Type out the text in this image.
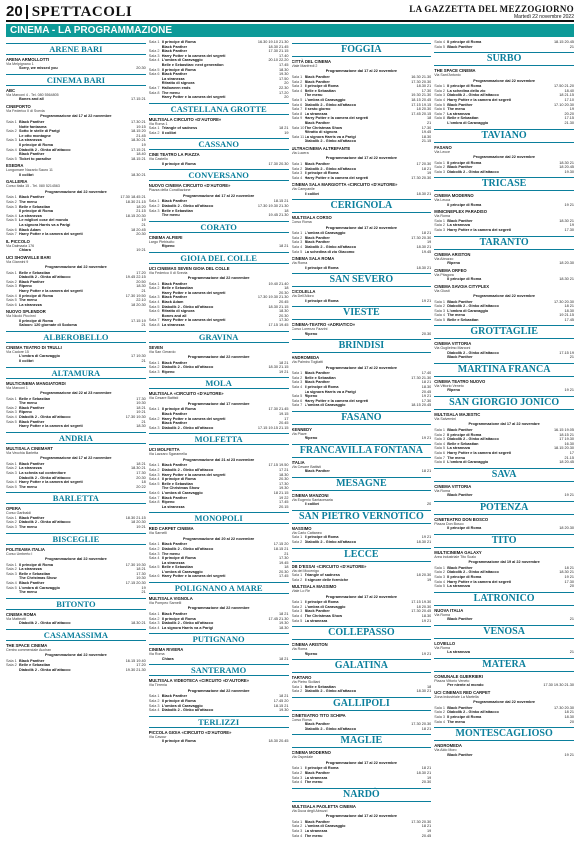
20 SPETTACOLI	LA GAZZETTA DEL MEZZOGIORNO
Martedì 22 novembre 2022
CINEMA - LA PROGRAMMAZIONE
ARENE BARI
ARENA ARMOLLOTTI
Via Melpignano 1
Sorry, we missed you	20.30
CINEMA BARI
ABC
Via Marconi 4 - Tel. 080 5564805
Bones and all	17.15 21
CINEPORTO
Via Federico II di Svevia
Programmazione dal 17 al 22 novembre
Sala 1 Black Panther	17.30 21
Notte fantasma	19.15
Sala 2 Sotto le stelle di Parigi	18.15 20
Le otto montagne	21.45
Sala 3 La stranezza	18.30 21
Il principe di Roma	19
Sala 4 Diabolik 2 - Ginko all'attacco	17.15 21
Black Panther	18.40
Sala 5 Ticket to paradise	18.15 21
ESEDRA
Lungomare Nazario Sauro 11
Il colibrì	18.30 21
GALLERIA
Corso Italia 15 - Tel. 080 5214563
Programmazione dal 22 novembre
Sala 1 Black Panther	17.30 18.45 21
Sala 2 The menu	18.30 21.15
Sala 3 Belle e Sebastian	18 20
Il principe di Roma	21.15
Sala 4 La stranezza	18.15 20.30
Sala 5 Le migliori cose del mondo	19
La signora Harris va a Parigi	21
Sala 6 Black Adam	18 20.45
Sala 7 Harry Potter e la camera dei segreti	20.30
IL PICCOLO
Via Dalmazia 176
Chiara	19 21
UCI SHOWVILLE BARI
Via Giannini 9
Programmazione dal 22 novembre
Sala 1 Belle e Sebastian	17.20
Diabolik 2 - Ginko all'attacco	19.45 22.15
Sala 2 Black Panther	20.50
Sala 3 Ripeno	18.30
Harry Potter e la camera dei segreti	21
Sala 4 Il principe di Roma	17.30 19.50
Sala 5 The menu	22.10
Sala 6 La stranezza	18 20.30
NUOVO SPLENDOR
Via Nicolò Piccinni
Il principe di Roma	17.15 19
Saloon: 120 giornate di Sodoma	21
ALBEROBELLO
CINEMA TEATRO DI TRULLI
Via Cadore 15
L'ombra di Caravaggio	17 19.30
Il colibrì	21
ALTAMURA
MULTICINEMA MANGIATORDI
Via Marconi 1
Programmazione dal 22 al 23 novembre
Sala 1 Belle e Sebastian	17.30
The menu	19.30
Sala 2 Black Panther	18 21
Sala 3 Ripeno	19 21
Sala 4 Diabolik 2 - Ginko all'attacco	17.30 19.30
Sala 5 Black Panther	21
Harry Potter e la camera dei segreti	18.30
ANDRIA
MULTISALA CINEMART
Via Vecchia Barletta
Programmazione dal 17 al 22 novembre
Sala 1 Black Panther	18 21
Sala 2 La stranezza	18.30 21
Sala 3 La scheda sul contenitore	17.30
Diabolik 2 - Ginko all'attacco	20.30
Sala 4 Harry Potter e la camera dei segreti	18
Sala 5 The menu	20 22
BARLETTA
OPERA
Corso Garibaldi
Sala 1 Black Panther	18.30 21.15
Sala 2 Diabolik 2 - Ginko all'attacco	18 20.30
Sala 3 The menu	19 21
BISCEGLIE
POLITEAMA ITALIA
Corso Umberto I
Programmazione dal 22 novembre
Sala 1 Il principe di Roma	17.30 19.30
Sala 2 La stranezza	18 21
Sala 3 Belle e Sebastian	17.30
The Christmas Show	19.30
Sala 4 Black Panther	17.15 20.30
Sala 5 L'ombra di Caravaggio	19
The menu	21
BITONTO
CINEMA ROMA
Via Matteotti
Diabolik 2 - Ginko all'attacco	18.30 21
CASAMASSIMA
THE SPACE CINEMA
Centro commerciale Auchan
Programmazione dal 22 novembre
Sala 1 Black Panther	16.15 19.40
Sala 2 Belle e Sebastian	17.20
Diabolik 2 - Ginko all'attacco	19.30 21.30
Sala 1 Il principe di Roma	16.30 19.10 21.30
Black Panther	18.30 21.45
Sala 2 Black Panther	17.30 21.15
Sala 3 Harry Potter e la camera dei segreti	17.40
Sala 4 L'ombra di Caravaggio	20.10 22.20
Belle e Sebastian: next generation	17.45
Sala 5 Il principe di Roma	18.30
Sala 6 Black Panther	19.30
La stranezza	17.50
Ritratto di signora	20
Sala 7 Halloween ends	22.30
Sala 8 The menu	17.20
Harry Potter e la camera dei segreti	20
CASTELLANA GROTTE
MULTISALA CIRCUITO «D'AUTORE»
Via Roma 1
Sala 1 Triangle of sadness	18 21
Sala 2 Il colibrì	19
CASSANO
CINE TEATRO LA PIAZZA
Via Castello
Il principe di Roma	17.30 20.30
CONVERSANO
NUOVO CINEMA CIRCUITO «D'AUTORE»
Piazza della Conciliazione
Programmazione dal 17 al 22 novembre
Sala 1 Black Panther	18.15 21
Sala 2 Diabolik 2 - Ginko all'attacco	17.30 19.30 21.30
Sala 3 Belle e Sebastian	18
The menu	19.45 21.30
CORATO
CINEMA ALFIERI
Largo Plebiscito
Ripeno	18 21
GIOIA DEL COLLE
UCI CINEMAS SEVEN GIOIA DEL COLLE
Via Federico II di Svevia
Programmazione dal 22 novembre
Sala 1 Black Panther	19.40 21.40
Sala 2 Belle e Sebastian	18
Harry Potter e la camera dei segreti	20.30
Sala 3 Black Panther	17.30 19.30 21.30
Sala 4 Black Adam	20.45
Sala 5 Diabolik 2 - Ginko all'attacco	18.30 21.15
Sala 6 Ritratto di signora	18.30
Bones and all	20.30
Sala 7 Harry Potter e la camera dei segreti	17.30
Sala 8 La stranezza	17.15 19.45
GRAVINA
SEVEN
Via San Gerardo
Programmazione dal 22 novembre
Sala 1 Black Panther	18 21
Sala 2 Diabolik 2 - Ginko all'attacco	18.30 21.15
Sala 3 Ripeno	19 21
MOLA
MULTISALA «CIRCUITO «D'AUTORE»
Via Cesare Battisti
Programmazione dal 17 novembre
Sala 1 Il principe di Roma	17.30 21.45
Black Panther	19.15
Sala 2 Harry Potter e la camera dei segreti	17
Black Panther	20.45
Sala 3 Diabolik 2 - Ginko all'attacco	17.15 19.15 21.15
MOLFETTA
UCI MOLFETTA
Via Lazzaro Sgaramella
Programmazione dal 21 al 23 novembre
Sala 1 Black Panther	17.15 19.50
Sala 2 Diabolik 2 - Ginko all'attacco	17 21
Sala 3 Harry Potter e la camera dei segreti	18.30
Sala 4 Il principe di Roma	20.30
Sala 5 Belle e Sebastian	17.30
The Christmas Show	19.30
Sala 6 L'ombra di Caravaggio	18 21.15
Sala 7 Black Panther	19 22
Sala 8 Ripeno	17.45
La stranezza	20.15
MONOPOLI
RED CARPET CINEMA
Via Sarnelli
Programmazione dal 20 al 22 novembre
Sala 1 Black Panther	17.15 20
Sala 2 Diabolik 2 - Ginko all'attacco	18.15 21
Sala 3 The menu	21
Sala 4 Il principe di Roma	17.30
La stranezza	19.45
Sala 5 Belle e Sebastian	18
L'ombra di Caravaggio	20.30
Sala 6 Harry Potter e la camera dei segreti	17.45
POLIGNANO A MARE
MULTISALA VIGNOLA
Via Pompeo Sarnelli
Programmazione dal 22 novembre
Sala 1 Black Panther	18 21
Sala 2 Il principe di Roma	17.45 21.30
Sala 3 Diabolik 2 - Ginko all'attacco	19.30
Sala 4 La signora Harris va a Parigi	18.30
PUTIGNANO
CINEMA RIVIERA
Via Roma
Chiara	18 21
SANTERAMO
MULTISALA VIDEOTECA «CIRCUITO «D'AUTORE»
Via Tirrenia
Programmazione dal 22 novembre
Sala 1 Black Panther	18 21
Sala 2 Il principe di Roma	17.45 20
Sala 3 L'ombra di Caravaggio	18.15 21
Sala 4 Diabolik 2 - Ginko all'attacco	19.30
TERLIZZI
PICCOLA GIOIA «CIRCUITO «D'AUTORE»
Via Cavour
Il principe di Roma	18.30 20.45
FOGGIA
CITTÀ DEL CINEMA
Viale Manfredi 2
Programmazione dal 17 al 22 novembre
Sala 1 Black Panther	16.30 21.30
Sala 2 Black Panther	17.30 20.30
Sala 3 Il principe di Roma	18.30 21
Sala 4 Belle e Sebastian	17.30
The menu	19.30 21.30
Sala 5 L'ombra di Caravaggio	18.15 20.45
Sala 6 Diabolik 2 - Ginko all'attacco	17.15 19.15
Sala 7 Il sesto giorno	18 20.30
Sala 8 La stranezza	17.45 20.15
Sala 9 Harry Potter e la camera dei segreti	18
Black Panther	21
Sala 10 The Christmas Show	17.30
Ritratto di signora	19.45
Sala 11 La signora Harris va a Parigi	18.30
Diabolik 2 - Ginko all'attacco	21.15
ULTRACINEMA ALTREFANTE
Via Lucera
Programmazione dal 17 al 22 novembre
Sala 1 Black Panther	17 20.30
Sala 2 Diabolik 2 - Ginko all'attacco	18 21
Sala 3 Il principe di Roma	19
Sala 4 Harry Potter e la camera dei segreti	17.30 20.30
CINEMA SALA MARGIOTTA «CIRCUITO «D'AUTORE»
Via Campanile
Il colibrì	18.30 21
CERIGNOLA
MULTISALA CORSO
Corso Roma
Programmazione dal 17 al 22 novembre
Sala 1 L'ombra di Caravaggio	18 21
Sala 2 Black Panther	17.30 20.30
Sala 3 Black Panther	19
Sala 4 Diabolik 2 - Ginko all'attacco	18.30 21
Sala 5 La schedina di zio Giacomo	19.45
CINEMA SALA ROMA
Via Roma
Il principe di Roma	18.30 21
SAN SEVERO
CICOLELLA
Via Dell'Alloro
Il principe di Roma	19 21
VIESTE
CINEMA-TEATRO «ADRIATICO»
Corso Lorenzo Fazzini
Ripeno	20.30
BRINDISI
ANDROMEDA
Via Palmiro Togliatti
Programmazione dal 17 al 22 novembre
Sala 1 Black Panther	17.40
Sala 2 Belle e Sebastian	17.30 21.30
Sala 3 Black Panther	18 21
Sala 4 Il principe di Roma	18.30
La signora Harris va a Parigi	20.45
Sala 5 Ripeno	19 21
Sala 6 Harry Potter e la camera dei segreti	17.30
Sala 7 L'ombra di Caravaggio	18.15 20.45
FASANO
KENNEDY
Via Piave
Ripeno	19 21
FRANCAVILLA FONTANA
ITALIA
Via Cesare Battisti
Black Panther	18 21
MESAGNE
CINEMA MANZONI
Via Eugenio Santacesaria
Il colibrì	20
SAN PIETRO VERNOTICO
MASSIMO
Via Carlo Cattaneo
Sala 1 Il principe di Roma	19 21
Sala 2 Diabolik 2 - Ginko all'attacco	18.30 21
LECCE
DB D'ESSAI «CIRCUITO «D'AUTORE»
Via dei Mocenigo
Sala 1 Triangle of sadness	18 20.30
Sala 2 Il signore delle formiche	19
MULTISALA MASSIMO
Viale Lo Re
Programmazione dal 17 al 22 novembre
Sala 1 Il principe di Roma	17.15 19.30
Sala 2 L'ombra di Caravaggio	18 20.30
Sala 3 Black Panther	17.30 20.45
Sala 4 The Christmas Show	18.30
Sala 5 La stranezza	19 21
COLLEPASSO
CINEMA ARISTON
Via Roma
Ripeno	19 21
GALATINA
TARTARO
Via Pietro Siciliani
Sala 1 Belle e Sebastian	18
Sala 2 Diabolik 2 - Ginko all'attacco	18.30 21
GALLIPOLI
CINETEATRO TITO SCHIPA
Corso Roma
Black Panther	17.30 20.30
Diabolik 2 - Ginko all'attacco	18 21
MAGLIE
CINEMA MODERNO
Via Ospedale
Programmazione dal 17 al 22 novembre
Sala 1 Il principe di Roma	18 21
Sala 2 Black Panther	18.30 21
Sala 3 La stranezza	19
Sala 4 The menu	20.30
NARDÒ
MULTISALA PAOLETTA CINEMA
Via Duca degli Abruzzi
Programmazione dal 17 al 22 novembre
Sala 1 Black Panther	17.30 20.30
Sala 2 L'ombra di Caravaggio	18 21
Sala 3 La stranezza	19
Sala 4 The menu	20.45
Sala 4 Il principe di Roma	18.15 20.45
Sala 5 Black Panther	21
SURBO
THE SPACE CINEMA
Via Sant'Antonio
Programmazione dal 22 novembre
Sala 1 Il principe di Roma	17.50 21.20
Sala 2 La schedina dello zio	18.40
Sala 3 Diabolik 2 - Ginko all'attacco	18 21.15
Sala 4 Harry Potter e la camera dei segreti	17.10
Sala 5 Black Panther	17.10 20.30
Sala 6 The menu	19
Sala 7 La stranezza	20.20
Sala 8 Belle e Sebastian	17.15
L'ombra di Caravaggio	21.30
TAVIANO
FASANO
Via Lecce
Programmazione dal 22 novembre
Sala 1 Il principe di Roma	18.30 21
Sala 2 Black Panther	18 20.45
Sala 3 Diabolik 2 - Ginko all'attacco	19.30
TRICASE
CINEMA MODERNO
Via Leuca
Il principe di Roma	19 21
MINICINEPLEX PARADISO
Via Roma
Sala 1 Black Panther	18.30 21
Sala 2 La stranezza	19
Sala 3 Harry Potter e la camera dei segreti	17.30
TARANTO
CINEMA ARISTON
Via Abruzzo
Ripeno	18 20.30
CINEMA ORFEO
Via Pitagora
Il principe di Roma	18.30 21
CINEMA SAVOIA CITYPLEX
Via Giusti
Programmazione dal 22 novembre
Sala 1 Black Panther	17.30 20.30
Sala 2 Diabolik 2 - Ginko all'attacco	18 21
Sala 3 L'ombra di Caravaggio	18.30
Sala 4 The menu	19 21.15
Sala 5 Belle e Sebastian	17.45
GROTTAGLIE
CINEMA VITTORIA
Via Guglielmo Marconi
Diabolik 2 - Ginko all'attacco	17.15 19
Black Panther	21
MARTINA FRANCA
CINEMA TEATRO NUOVO
Via Vittorio Veneto
Ripeno	19 21
SAN GIORGIO JONICO
MULTISALA MAJESTIC
Via Salvemini
Programmazione dal 17 al 22 novembre
Sala 1 Black Panther	16.15 19.05
Sala 2 Il principe di Roma	18.15 21
Sala 3 Diabolik 2 - Ginko all'attacco	17 19.30
Sala 4 Belle e Sebastian	16.30
Sala 5 La stranezza	18.15 20.30
Sala 6 Harry Potter e la camera dei segreti	17
Sala 7 The menu	21.15
Sala 8 L'ombra di Caravaggio	18 20.45
SAVA
CINEMA VITTORIA
Via Roma
Black Panther	19 21
POTENZA
CINETEATRO DON BOSCO
Piazza Don Bosco
Il principe di Roma	18 20.30
TITO
MULTICINEMA GALAXY
Area industriale Tito Scalo
Programmazione dal 19 al 22 novembre
Sala 1 Black Panther	18 21
Sala 2 Diabolik 2 - Ginko all'attacco	18.30 21
Sala 3 Il principe di Roma	19 21
Sala 4 Harry Potter e la camera dei segreti	17.30
Sala 5 La stranezza	20
LATRONICO
NUOVA ITALIA
Via Roma
Black Panther	21
VENOSA
LOVIELLO
Via Roma
La stranezza	21
MATERA
COMUNALE GUERRIERI
Piazza Vittorio Veneto
Per niente al mondo	17.30 19.30 21.30
UCI CINEMAS RED CARPET
Zona industriale La Martella
Programmazione dal 22 novembre
Sala 1 Black Panther	17.30 20.30
Sala 2 Diabolik 2 - Ginko all'attacco	18 21
Sala 3 Il principe di Roma	18.30
Sala 4 The menu	20
MONTESCAGLIOSO
ANDROMEDA
Via Aldo Moro
Black Panther	19 21
